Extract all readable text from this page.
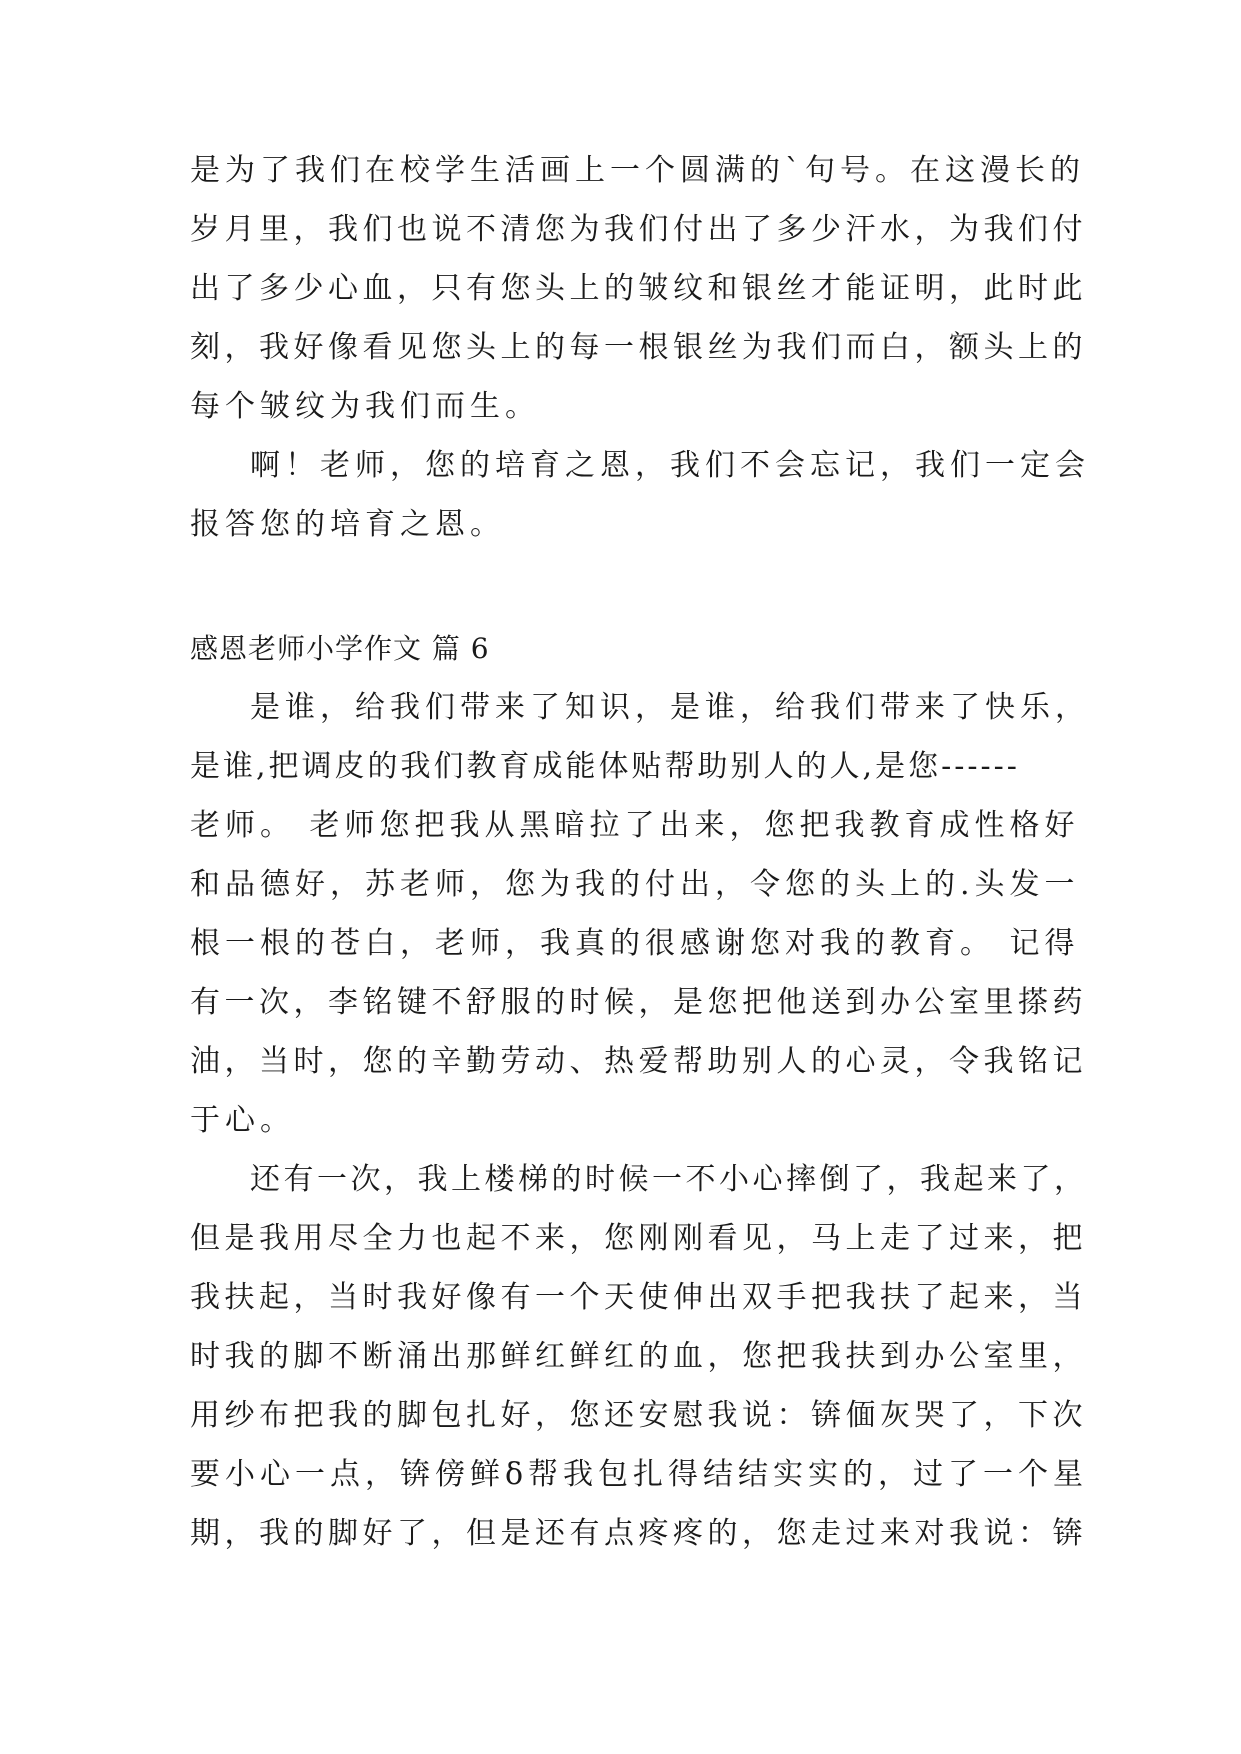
是为了我们在校学生活画上一个圆满的`句号。在这漫长的
岁月里，我们也说不清您为我们付出了多少汗水，为我们付
出了多少心血，只有您头上的皱纹和银丝才能证明，此时此
刻，我好像看见您头上的每一根银丝为我们而白，额头上的
每个皱纹为我们而生。
啊！老师，您的培育之恩，我们不会忘记，我们一定会
报答您的培育之恩。
感恩老师小学作文 篇 6
是谁，给我们带来了知识，是谁，给我们带来了快乐，
是谁,把调皮的我们教育成能体贴帮助别人的人,是您------
老师。 老师您把我从黑暗拉了出来，您把我教育成性格好
和品德好，苏老师，您为我的付出，令您的头上的.头发一
根一根的苍白，老师，我真的很感谢您对我的教育。 记得
有一次，李铭键不舒服的时候，是您把他送到办公室里搽药
油，当时，您的辛勤劳动、热爱帮助别人的心灵，令我铭记
于心。
还有一次，我上楼梯的时候一不小心摔倒了，我起来了，
但是我用尽全力也起不来，您刚刚看见，马上走了过来，把
我扶起，当时我好像有一个天使伸出双手把我扶了起来，当
时我的脚不断涌出那鲜红鲜红的血，您把我扶到办公室里，
用纱布把我的脚包扎好，您还安慰我说：锛偭灰哭了，下次
要小心一点，锛傍鲜δ帮我包扎得结结实实的，过了一个星
期，我的脚好了，但是还有点疼疼的，您走过来对我说：锛
